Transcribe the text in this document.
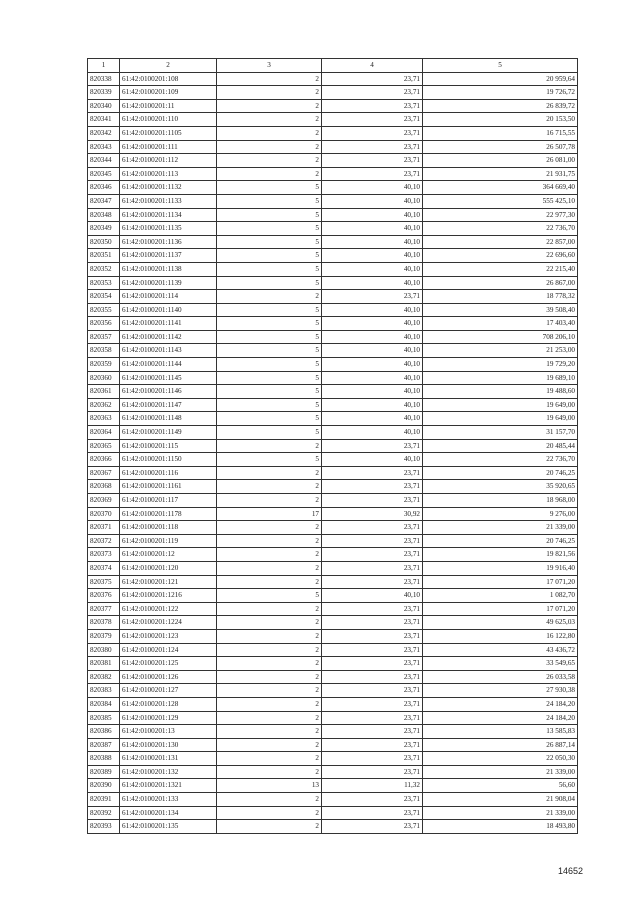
1	2	3	4	5
820338	61:42:0100201:108	2	23,71	20 959,64
820339	61:42:0100201:109	2	23,71	19 726,72
820340	61:42:0100201:11	2	23,71	26 839,72
820341	61:42:0100201:110	2	23,71	20 153,50
820342	61:42:0100201:1105	2	23,71	16 715,55
820343	61:42:0100201:111	2	23,71	26 507,78
820344	61:42:0100201:112	2	23,71	26 081,00
820345	61:42:0100201:113	2	23,71	21 931,75
820346	61:42:0100201:1132	5	40,10	364 669,40
820347	61:42:0100201:1133	5	40,10	555 425,10
820348	61:42:0100201:1134	5	40,10	22 977,30
820349	61:42:0100201:1135	5	40,10	22 736,70
820350	61:42:0100201:1136	5	40,10	22 857,00
820351	61:42:0100201:1137	5	40,10	22 696,60
820352	61:42:0100201:1138	5	40,10	22 215,40
820353	61:42:0100201:1139	5	40,10	26 867,00
820354	61:42:0100201:114	2	23,71	18 778,32
820355	61:42:0100201:1140	5	40,10	39 508,40
820356	61:42:0100201:1141	5	40,10	17 403,40
820357	61:42:0100201:1142	5	40,10	708 206,10
820358	61:42:0100201:1143	5	40,10	21 253,00
820359	61:42:0100201:1144	5	40,10	19 729,20
820360	61:42:0100201:1145	5	40,10	19 689,10
820361	61:42:0100201:1146	5	40,10	19 488,60
820362	61:42:0100201:1147	5	40,10	19 649,00
820363	61:42:0100201:1148	5	40,10	19 649,00
820364	61:42:0100201:1149	5	40,10	31 157,70
820365	61:42:0100201:115	2	23,71	20 485,44
820366	61:42:0100201:1150	5	40,10	22 736,70
820367	61:42:0100201:116	2	23,71	20 746,25
820368	61:42:0100201:1161	2	23,71	35 920,65
820369	61:42:0100201:117	2	23,71	18 968,00
820370	61:42:0100201:1178	17	30,92	9 276,00
820371	61:42:0100201:118	2	23,71	21 339,00
820372	61:42:0100201:119	2	23,71	20 746,25
820373	61:42:0100201:12	2	23,71	19 821,56
820374	61:42:0100201:120	2	23,71	19 916,40
820375	61:42:0100201:121	2	23,71	17 071,20
820376	61:42:0100201:1216	5	40,10	1 082,70
820377	61:42:0100201:122	2	23,71	17 071,20
820378	61:42:0100201:1224	2	23,71	49 625,03
820379	61:42:0100201:123	2	23,71	16 122,80
820380	61:42:0100201:124	2	23,71	43 436,72
820381	61:42:0100201:125	2	23,71	33 549,65
820382	61:42:0100201:126	2	23,71	26 033,58
820383	61:42:0100201:127	2	23,71	27 930,38
820384	61:42:0100201:128	2	23,71	24 184,20
820385	61:42:0100201:129	2	23,71	24 184,20
820386	61:42:0100201:13	2	23,71	13 585,83
820387	61:42:0100201:130	2	23,71	26 887,14
820388	61:42:0100201:131	2	23,71	22 050,30
820389	61:42:0100201:132	2	23,71	21 339,00
820390	61:42:0100201:1321	13	11,32	56,60
820391	61:42:0100201:133	2	23,71	21 908,04
820392	61:42:0100201:134	2	23,71	21 339,00
820393	61:42:0100201:135	2	23,71	18 493,80
14652
